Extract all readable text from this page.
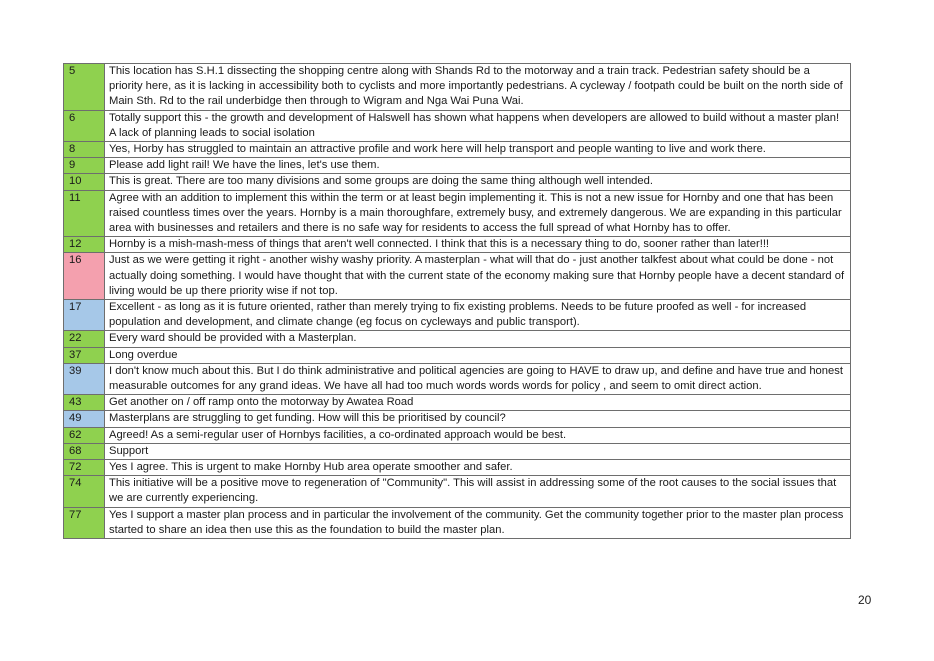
5	This location has S.H.1 dissecting the shopping centre along with Shands Rd to the motorway and a train track. Pedestrian safety should be a priority here, as it is lacking in accessibility both to cyclists and more importantly pedestrians. A cycleway / footpath could be built on the north side of Main Sth. Rd to the rail underbidge then through to Wigram and Nga Wai Puna Wai.
6	Totally support this - the growth and development of Halswell has shown what happens when developers are allowed to build without a master plan! A lack of planning leads to social isolation
8	Yes, Horby has struggled to maintain an attractive profile and work here will help transport and people wanting to live and work there.
9	Please add light rail! We have the lines, let's use them.
10	This is great. There are too many divisions and some groups are doing the same thing although well intended.
11	Agree with an addition to implement this within the term or at least begin implementing it. This is not a new issue for Hornby and one that has been raised countless times over the years. Hornby is a main thoroughfare, extremely busy, and extremely dangerous. We are expanding in this particular area with businesses and retailers and there is no safe way for residents to access the full spread of what Hornby has to offer.
12	Hornby is a mish-mash-mess of things that aren't well connected. I think that this is a necessary thing to do, sooner rather than later!!!
16	Just as we were getting it right - another wishy washy priority. A masterplan - what will that do - just another talkfest about what could be done - not actually doing something. I would have thought that with the current state of the economy making sure that Hornby people have a decent standard of living would be up there priority wise if not top.
17	Excellent - as long as it is future oriented, rather than merely trying to fix existing problems. Needs to be future proofed as well - for increased population and development, and climate change (eg focus on cycleways and public transport).
22	Every ward should be provided with a Masterplan.
37	Long overdue
39	I don't know much about this. But I do think administrative and political agencies are going to HAVE to draw up, and define and have true and honest measurable outcomes for any grand ideas. We have all had too much words words words for policy , and seem to omit direct action.
43	Get another on / off ramp onto the motorway by Awatea Road
49	Masterplans are struggling to get funding. How will this be prioritised by council?
62	Agreed! As a semi-regular user of Hornbys facilities, a co-ordinated approach would be best.
68	Support
72	Yes I agree. This is urgent to make Hornby Hub area operate smoother and safer.
74	This initiative will be a positive move to regeneration of "Community". This will assist in addressing some of the root causes to the social issues that we are currently experiencing.
77	Yes I support a master plan process and in particular the involvement of the community. Get the community together prior to the master plan process started to share an idea then use this as the foundation to build the master plan.
20
